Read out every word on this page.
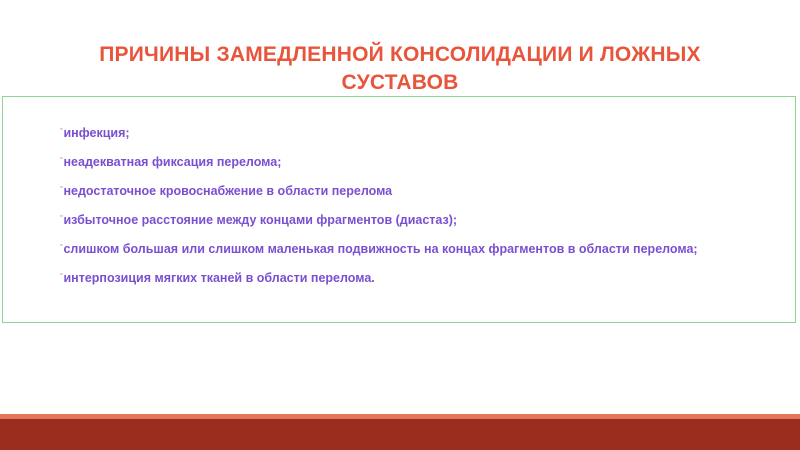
ПРИЧИНЫ ЗАМЕДЛЕННОЙ КОНСОЛИДАЦИИ И ЛОЖНЫХ СУСТАВОВ
▫ инфекция;
▫ неадекватная фиксация перелома;
▫ недостаточное кровоснабжение в области перелома
▫ избыточное расстояние между концами фрагментов (диастаз);
▫ слишком большая или слишком маленькая подвижность на концах фрагментов в области перелома;
▫ интерпозиция мягких тканей в области перелома.
